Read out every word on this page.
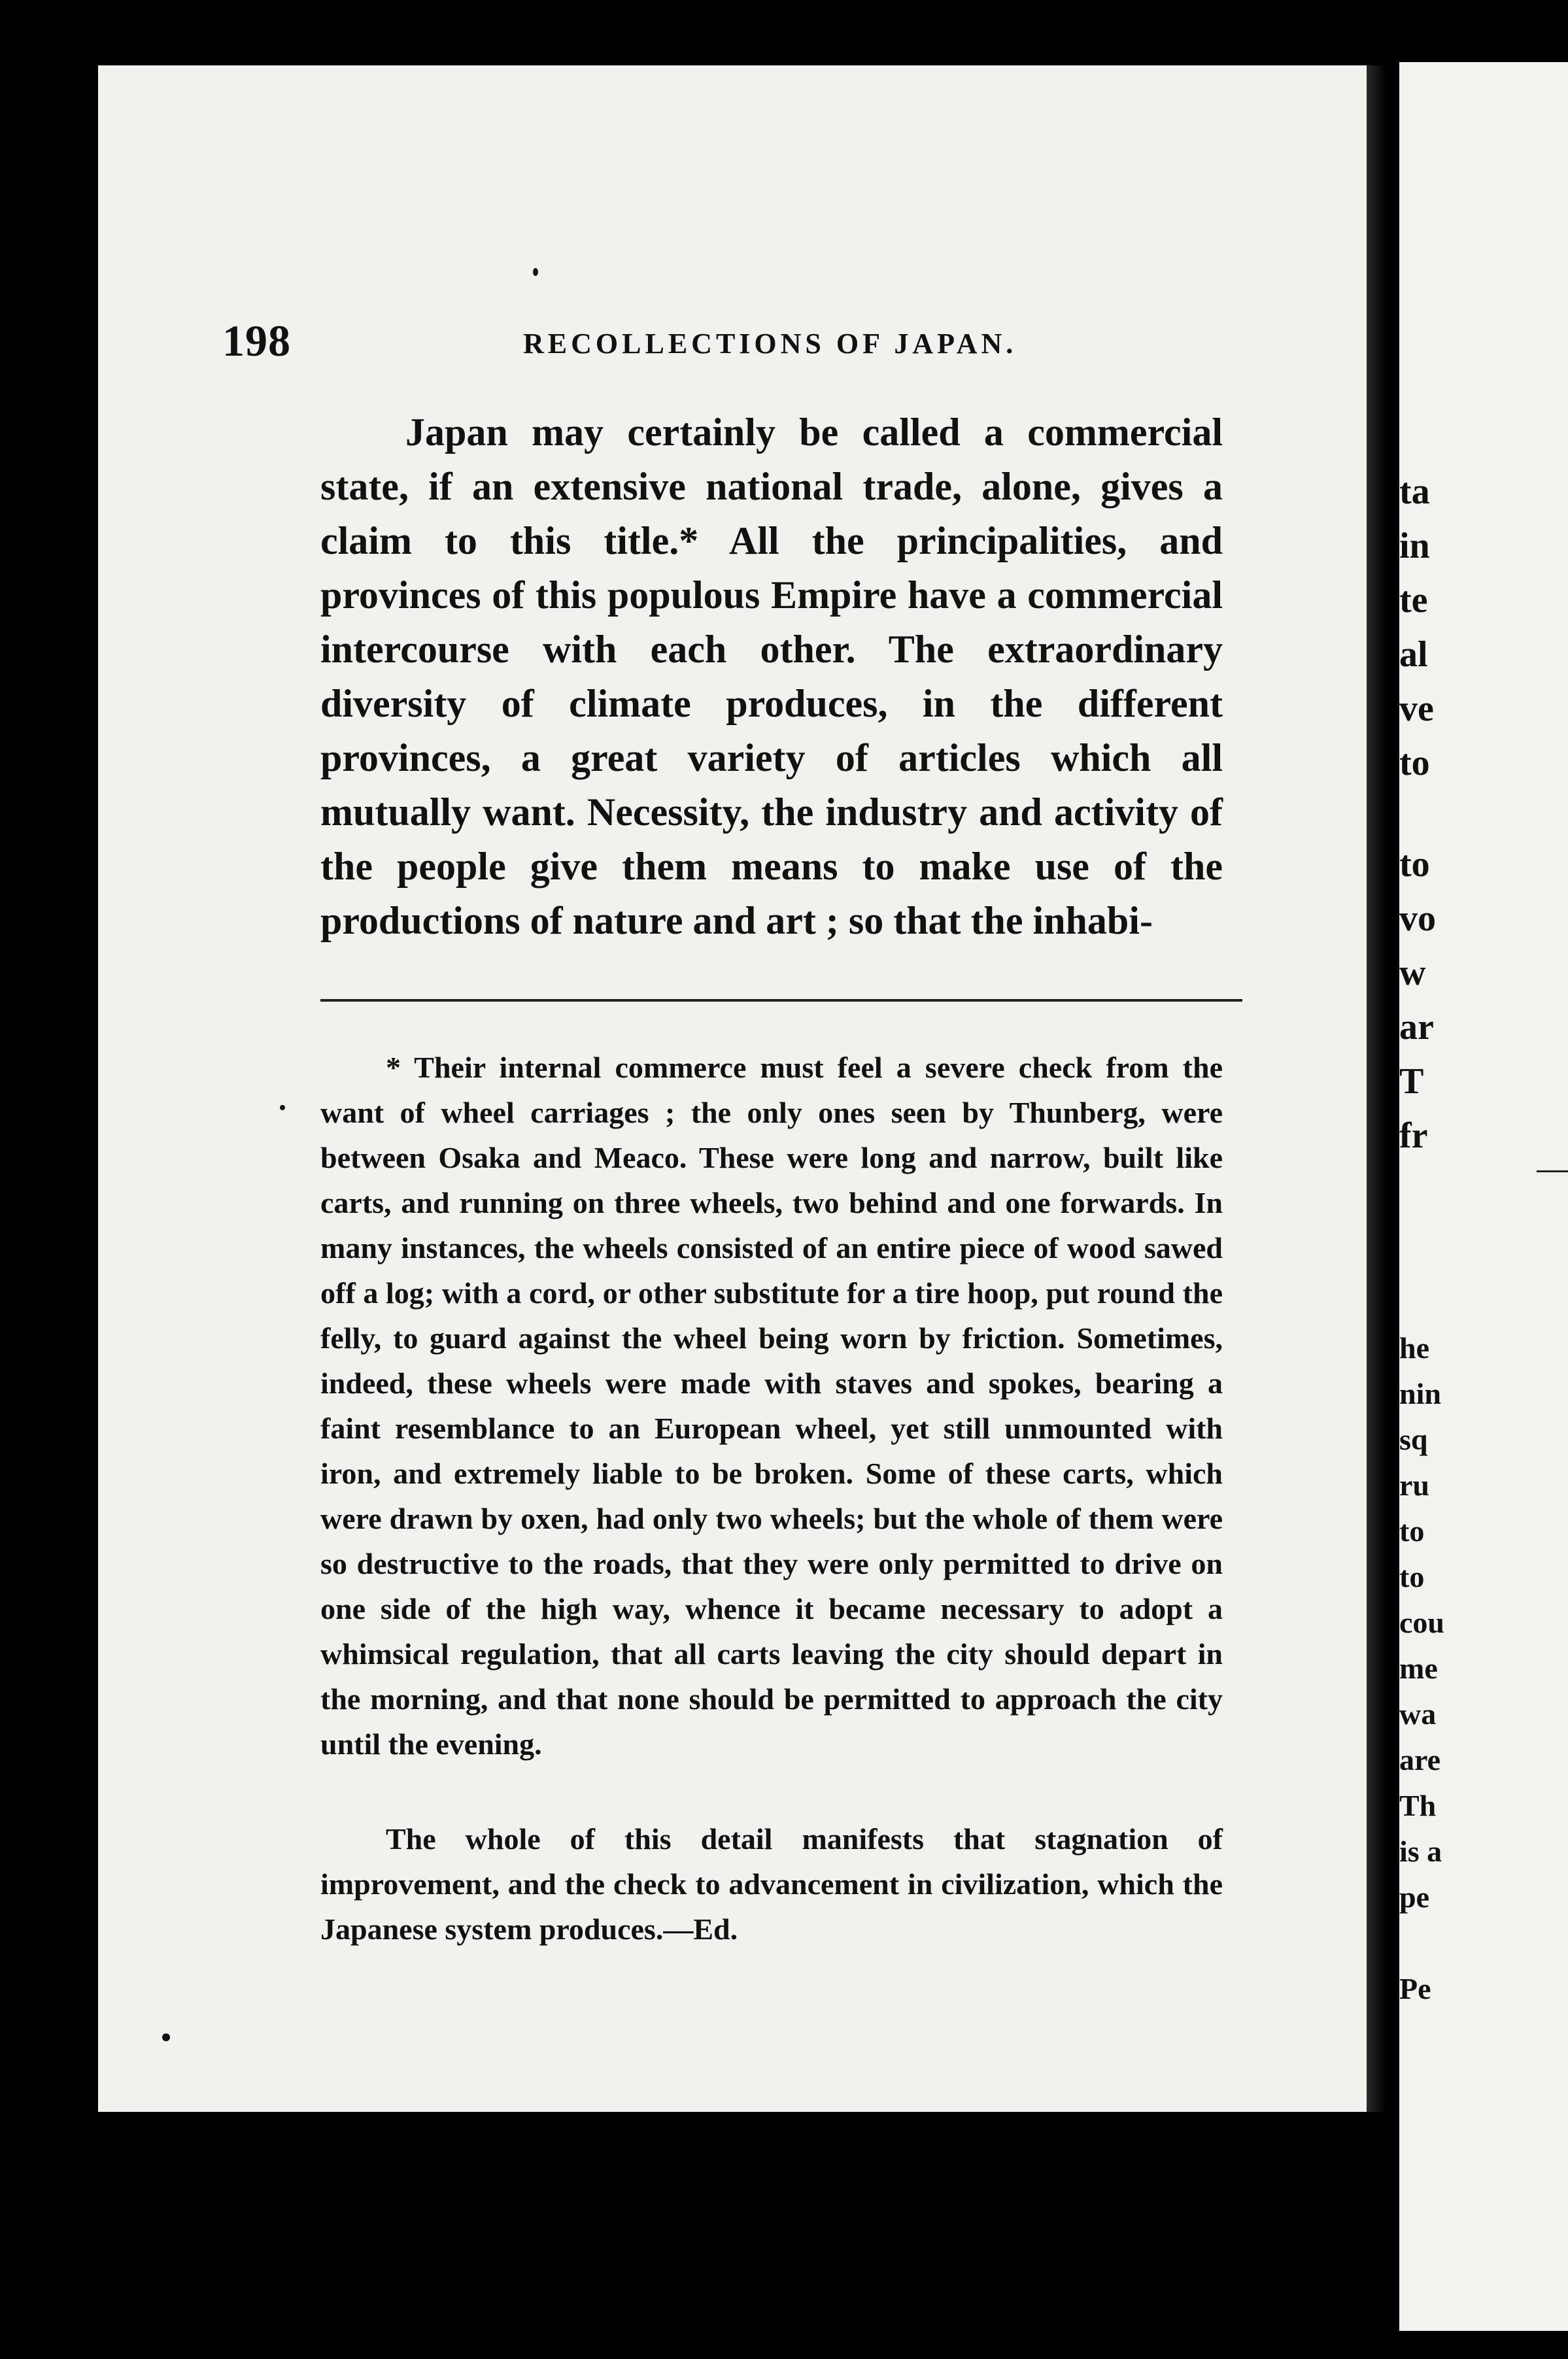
198	RECOLLECTIONS OF JAPAN.

Japan may certainly be called a commercial state, if an extensive national trade, alone, gives a claim to this title.* All the principalities, and provinces of this populous Empire have a commercial intercourse with each other. The extraordinary diversity of climate produces, in the different provinces, a great variety of articles which all mutually want. Necessity, the industry and activity of the people give them means to make use of the productions of nature and art ; so that the inhabi-

* Their internal commerce must feel a severe check from the want of wheel carriages ; the only ones seen by Thunberg, were between Osaka and Meaco. These were long and narrow, built like carts, and running on three wheels, two behind and one forwards. In many instances, the wheels consisted of an entire piece of wood sawed off a log; with a cord, or other substitute for a tire hoop, put round the felly, to guard against the wheel being worn by friction. Sometimes, indeed, these wheels were made with staves and spokes, bearing a faint resemblance to an European wheel, yet still unmounted with iron, and extremely liable to be broken. Some of these carts, which were drawn by oxen, had only two wheels; but the whole of them were so destructive to the roads, that they were only permitted to drive on one side of the high way, whence it became necessary to adopt a whimsical regulation, that all carts leaving the city should depart in the morning, and that none should be permitted to approach the city until the evening.

The whole of this detail manifests that stagnation of improvement, and the check to advancement in civilization, which the Japanese system produces.—Ed.

ta
in
te
al
ve
to
to
vo
w
ar
T
fr
he
nin
sq
ru
to
to
cou
me
wa
are
Th
is a
pe
Pe
